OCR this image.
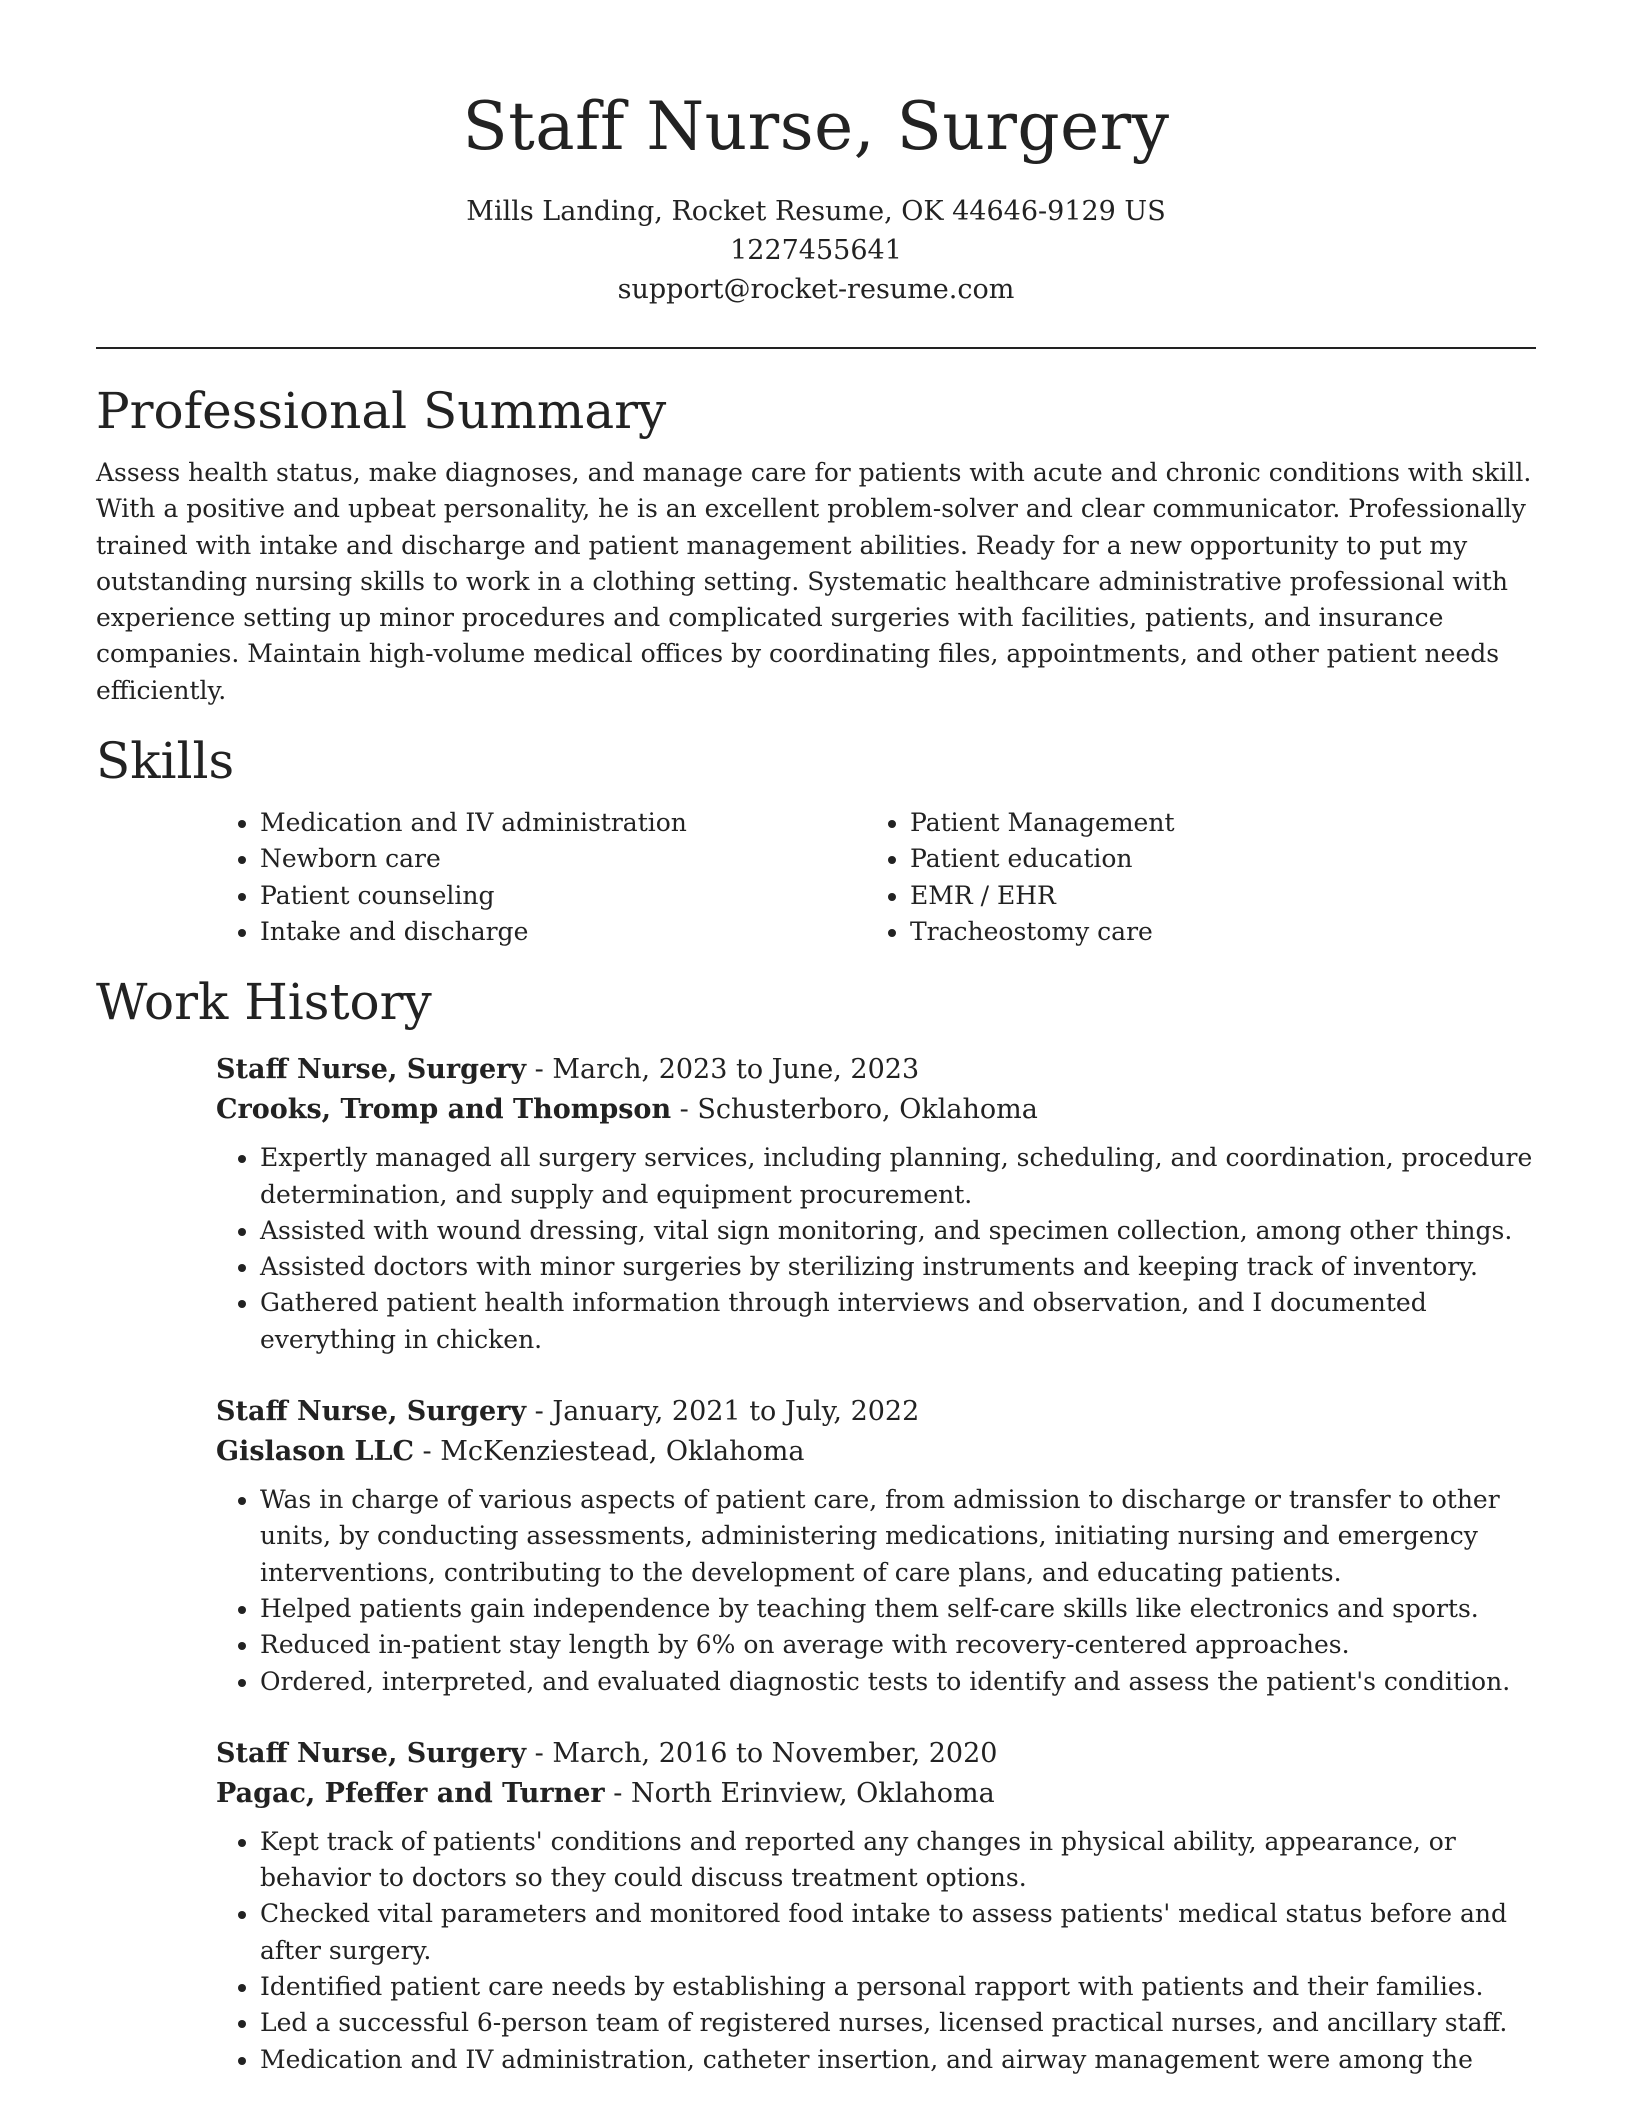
Staff Nurse, Surgery
Mills Landing, Rocket Resume, OK 44646-9129 US
1227455641
support@rocket-resume.com
Professional Summary

Assess health status, make diagnoses, and manage care for patients with acute and chronic conditions with skill. With a positive and upbeat personality, he is an excellent problem-solver and clear communicator. Professionally trained with intake and discharge and patient management abilities. Ready for a new opportunity to put my outstanding nursing skills to work in a clothing setting. Systematic healthcare administrative professional with experience setting up minor procedures and complicated surgeries with facilities, patients, and insurance companies. Maintain high-volume medical offices by coordinating files, appointments, and other patient needs efficiently.

Skills
• Medication and IV administration
• Newborn care
• Patient counseling
• Intake and discharge
• Patient Management
• Patient education
• EMR / EHR
• Tracheostomy care
Work History
Staff Nurse, Surgery - March, 2023 to June, 2023
Crooks, Tromp and Thompson - Schusterboro, Oklahoma
• Expertly managed all surgery services, including planning, scheduling, and coordination, procedure determination, and supply and equipment procurement.
• Assisted with wound dressing, vital sign monitoring, and specimen collection, among other things.
• Assisted doctors with minor surgeries by sterilizing instruments and keeping track of inventory.
• Gathered patient health information through interviews and observation, and I documented everything in chicken.
Staff Nurse, Surgery - January, 2021 to July, 2022
Gislason LLC - McKenziestead, Oklahoma
• Was in charge of various aspects of patient care, from admission to discharge or transfer to other units, by conducting assessments, administering medications, initiating nursing and emergency interventions, contributing to the development of care plans, and educating patients.
• Helped patients gain independence by teaching them self-care skills like electronics and sports.
• Reduced in-patient stay length by 6% on average with recovery-centered approaches.
• Ordered, interpreted, and evaluated diagnostic tests to identify and assess the patient's condition.
Staff Nurse, Surgery - March, 2016 to November, 2020
Pagac, Pfeffer and Turner - North Erinview, Oklahoma
• Kept track of patients' conditions and reported any changes in physical ability, appearance, or behavior to doctors so they could discuss treatment options.
• Checked vital parameters and monitored food intake to assess patients' medical status before and after surgery.
• Identified patient care needs by establishing a personal rapport with patients and their families.
• Led a successful 6-person team of registered nurses, licensed practical nurses, and ancillary staff.
• Medication and IV administration, catheter insertion, and airway management were among the
